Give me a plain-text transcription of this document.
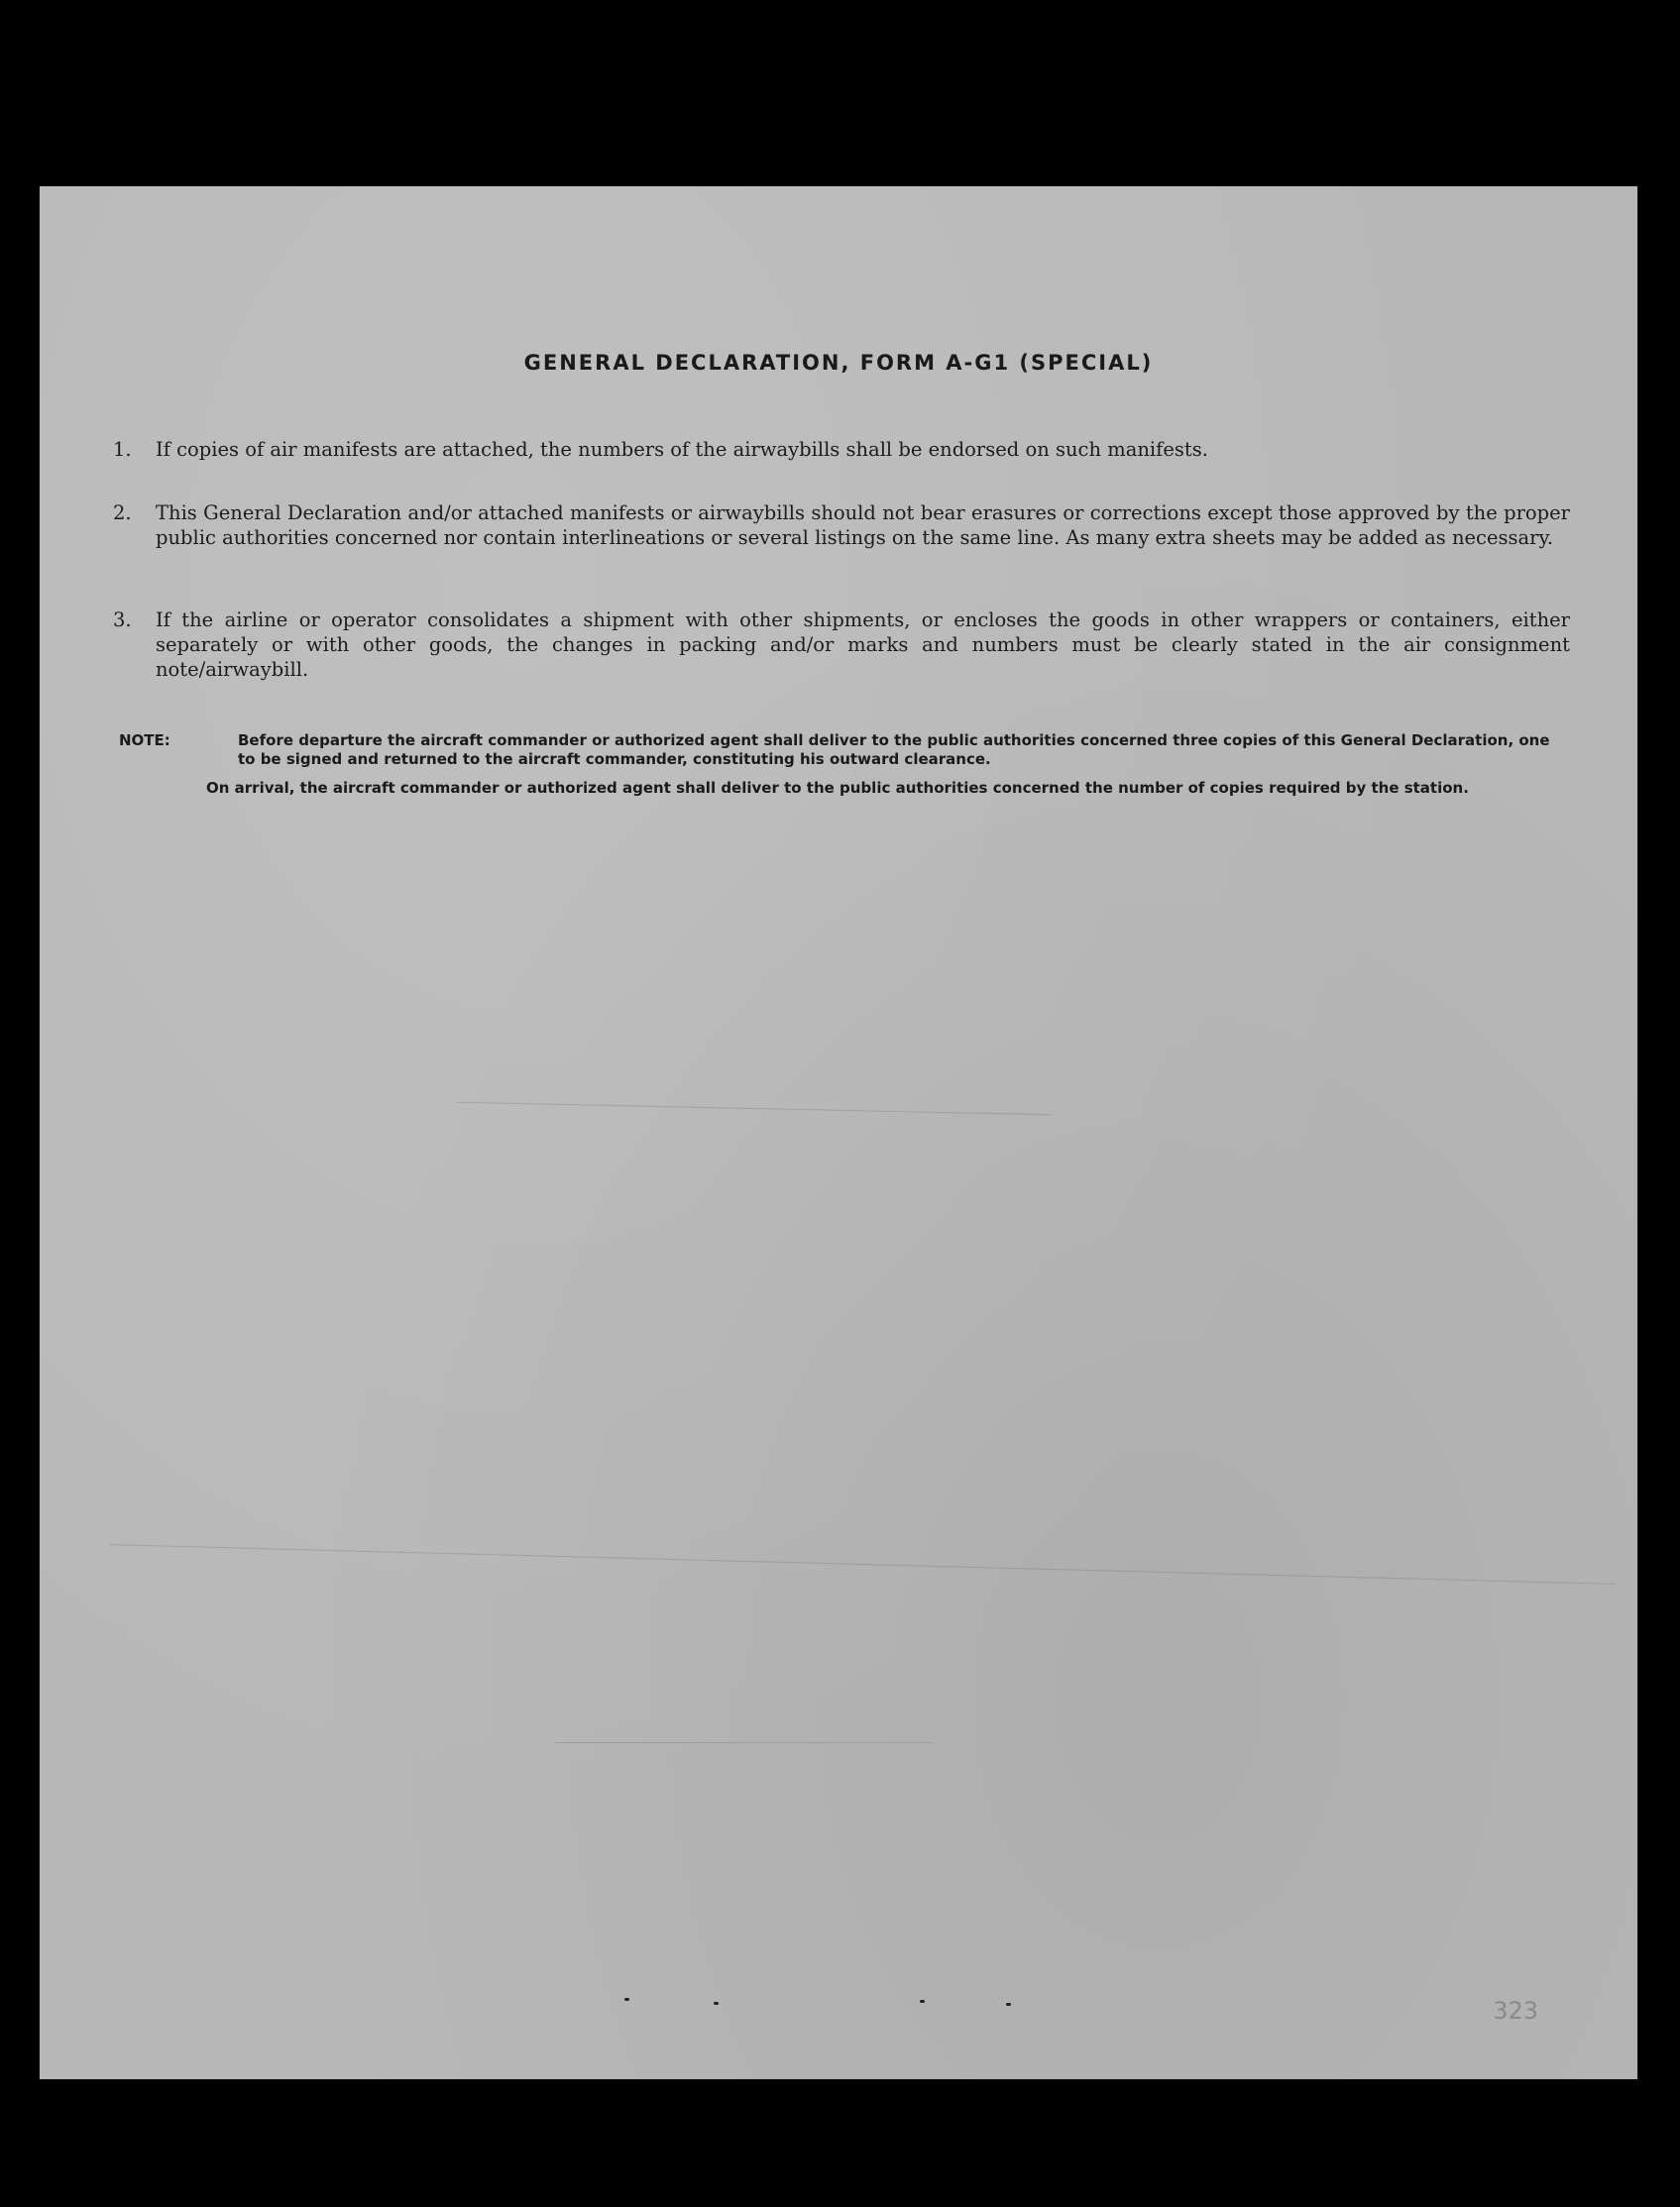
GENERAL DECLARATION, FORM A-G1 (SPECIAL)
1. If copies of air manifests are attached, the numbers of the airwaybills shall be endorsed on such manifests.
2. This General Declaration and/or attached manifests or airwaybills should not bear erasures or corrections except those approved by the proper public authorities concerned nor contain interlineations or several listings on the same line. As many extra sheets may be added as necessary.
3. If the airline or operator consolidates a shipment with other shipments, or encloses the goods in other wrappers or containers, either separately or with other goods, the changes in packing and/or marks and numbers must be clearly stated in the air consignment note/airwaybill.
NOTE:	Before departure the aircraft commander or authorized agent shall deliver to the public authorities concerned three copies of this General Declaration, one to be signed and returned to the aircraft commander, constituting his outward clearance.

On arrival, the aircraft commander or authorized agent shall deliver to the public authorities concerned the number of copies required by the station.

323
